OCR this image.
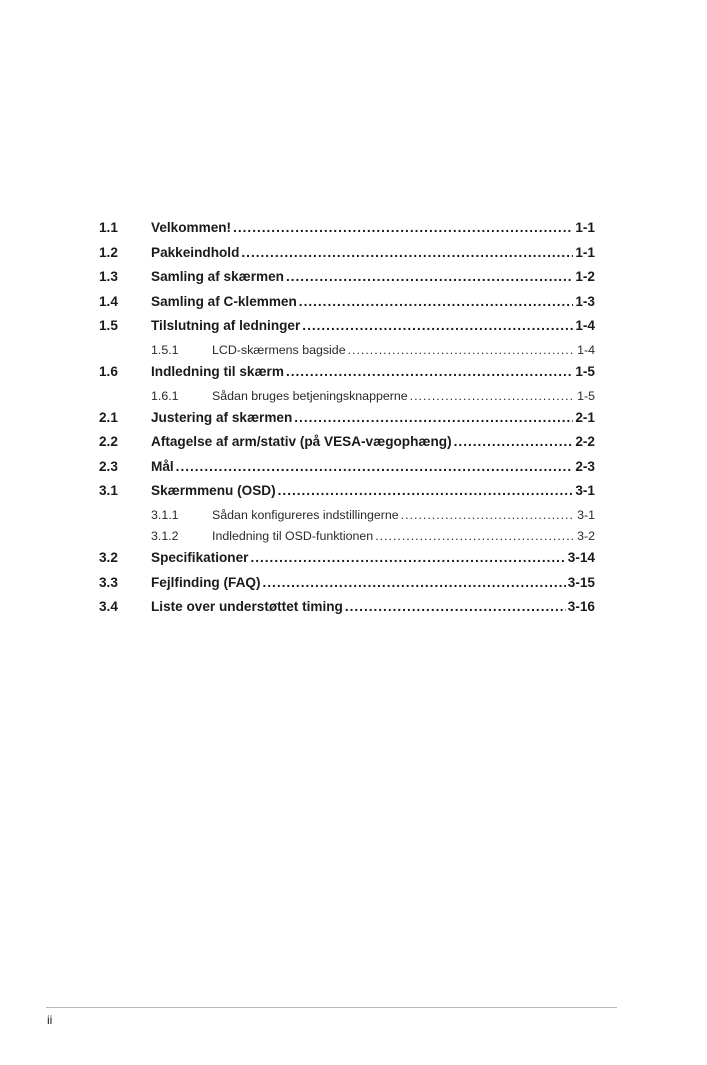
1.1	Velkommen! .....	1-1
1.2	Pakkeindhold .....	1-1
1.3	Samling af skærmen .....	1-2
1.4	Samling af C-klemmen .....	1-3
1.5	Tilslutning af ledninger .....	1-4
1.5.1	LCD-skærmens bagside .....	1-4
1.6	Indledning til skærm .....	1-5
1.6.1	Sådan bruges betjeningsknapperne .....	1-5
2.1	Justering af skærmen .....	2-1
2.2	Aftagelse af arm/stativ (på VESA-vægophæng) .....	2-2
2.3	Mål .....	2-3
3.1	Skærmmenu (OSD) .....	3-1
3.1.1	Sådan konfigureres indstillingerne .....	3-1
3.1.2	Indledning til OSD-funktionen .....	3-2
3.2	Specifikationer .....	3-14
3.3	Fejlfinding (FAQ) .....	3-15
3.4	Liste over understøttet timing .....	3-16
ii
